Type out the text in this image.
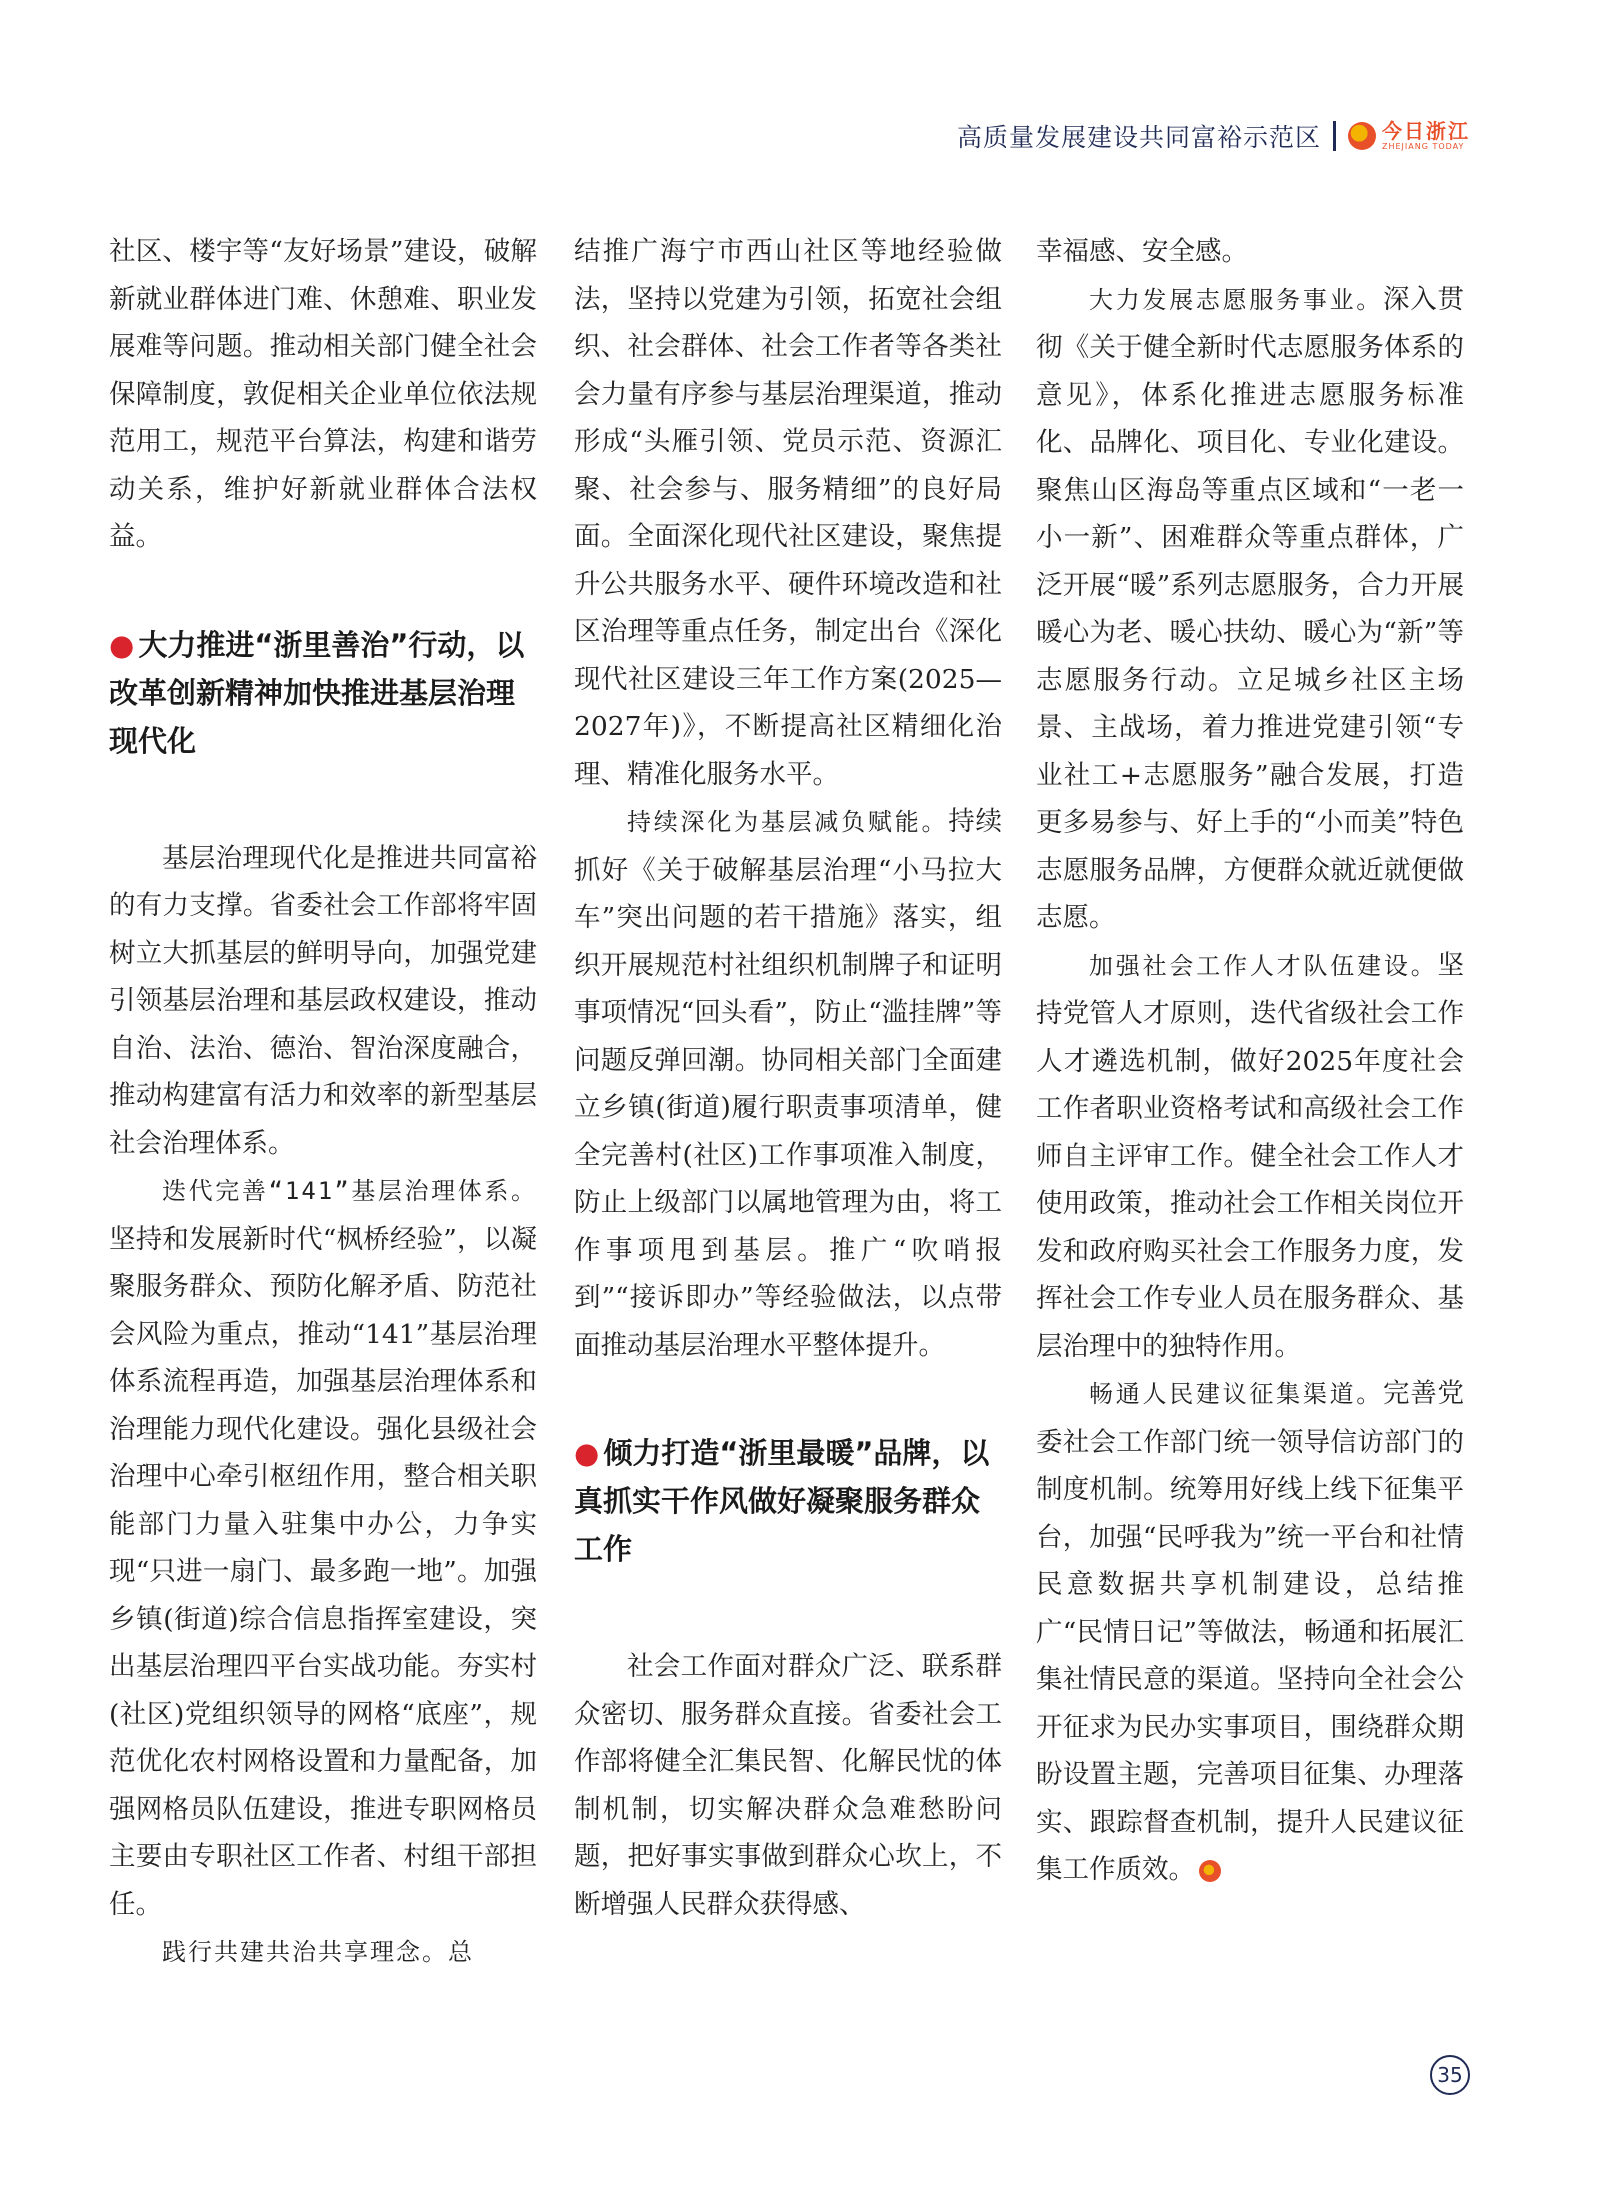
高质量发展建设共同富裕示范区	今日浙江
ZHEJIANG TODAY

社区、楼宇等“友好场景”建设，破解新就业群体进门难、休憩难、职业发展难等问题。推动相关部门健全社会保障制度，敦促相关企业单位依法规范用工，规范平台算法，构建和谐劳动关系，维护好新就业群体合法权益。

● 大力推进“浙里善治”行动，以改革创新精神加快推进基层治理现代化

基层治理现代化是推进共同富裕的有力支撑。省委社会工作部将牢固树立大抓基层的鲜明导向，加强党建引领基层治理和基层政权建设，推动自治、法治、德治、智治深度融合，推动构建富有活力和效率的新型基层社会治理体系。

迭代完善“141”基层治理体系。坚持和发展新时代“枫桥经验”，以凝聚服务群众、预防化解矛盾、防范社会风险为重点，推动“141”基层治理体系流程再造，加强基层治理体系和治理能力现代化建设。强化县级社会治理中心牵引枢纽作用，整合相关职能部门力量入驻集中办公，力争实现“只进一扇门、最多跑一地”。加强乡镇(街道)综合信息指挥室建设，突出基层治理四平台实战功能。夯实村(社区)党组织领导的网格“底座”，规范优化农村网格设置和力量配备，加强网格员队伍建设，推进专职网格员主要由专职社区工作者、村组干部担任。

践行共建共治共享理念。总

结推广海宁市西山社区等地经验做法，坚持以党建为引领，拓宽社会组织、社会群体、社会工作者等各类社会力量有序参与基层治理渠道，推动形成“头雁引领、党员示范、资源汇聚、社会参与、服务精细”的良好局面。全面深化现代社区建设，聚焦提升公共服务水平、硬件环境改造和社区治理等重点任务，制定出台《深化现代社区建设三年工作方案(2025—2027年)》，不断提高社区精细化治理、精准化服务水平。

持续深化为基层减负赋能。持续抓好《关于破解基层治理“小马拉大车”突出问题的若干措施》落实，组织开展规范村社组织机制牌子和证明事项情况“回头看”，防止“滥挂牌”等问题反弹回潮。协同相关部门全面建立乡镇(街道)履行职责事项清单，健全完善村(社区)工作事项准入制度，防止上级部门以属地管理为由，将工作事项甩到基层。推广“吹哨报到”“接诉即办”等经验做法，以点带面推动基层治理水平整体提升。

● 倾力打造“浙里最暖”品牌，以真抓实干作风做好凝聚服务群众工作

社会工作面对群众广泛、联系群众密切、服务群众直接。省委社会工作部将健全汇集民智、化解民忧的体制机制，切实解决群众急难愁盼问题，把好事实事做到群众心坎上，不断增强人民群众获得感、

幸福感、安全感。

大力发展志愿服务事业。深入贯彻《关于健全新时代志愿服务体系的意见》，体系化推进志愿服务标准化、品牌化、项目化、专业化建设。聚焦山区海岛等重点区域和“一老一小一新”、困难群众等重点群体，广泛开展“暖”系列志愿服务，合力开展暖心为老、暖心扶幼、暖心为“新”等志愿服务行动。立足城乡社区主场景、主战场，着力推进党建引领“专业社工+志愿服务”融合发展，打造更多易参与、好上手的“小而美”特色志愿服务品牌，方便群众就近就便做志愿。

加强社会工作人才队伍建设。坚持党管人才原则，迭代省级社会工作人才遴选机制，做好2025年度社会工作者职业资格考试和高级社会工作师自主评审工作。健全社会工作人才使用政策，推动社会工作相关岗位开发和政府购买社会工作服务力度，发挥社会工作专业人员在服务群众、基层治理中的独特作用。

畅通人民建议征集渠道。完善党委社会工作部门统一领导信访部门的制度机制。统筹用好线上线下征集平台，加强“民呼我为”统一平台和社情民意数据共享机制建设，总结推广“民情日记”等做法，畅通和拓展汇集社情民意的渠道。坚持向全社会公开征求为民办实事项目，围绕群众期盼设置主题，完善项目征集、办理落实、跟踪督查机制，提升人民建议征集工作质效。

35
